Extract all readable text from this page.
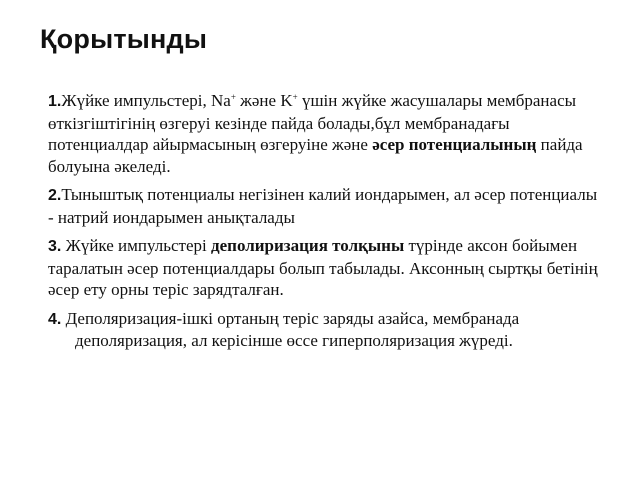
Қорытынды

1.Жүйке импульстері, Na+ және K+ үшін жүйке жасушалары мембранасы өткізгіштігінің өзгеруі кезінде пайда болады,бұл мембранадағы потенциалдар айырмасының өзгеруіне және әсер потенциалының пайда болуына әкеледі.

2.Тыныштық потенциалы негізінен калий иондарымен, ал әсер потенциалы - натрий иондарымен анықталады

3. Жүйке импульстері деполиризация толқыны түрінде аксон бойымен таралатын әсер потенциалдары болып табылады. Аксонның сыртқы бетінің әсер ету орны теріс зарядталған.

4. Деполяризация-ішкі ортаның теріс заряды азайса, мембранада деполяризация, ал керісінше өссе гиперполяризация жүреді.
